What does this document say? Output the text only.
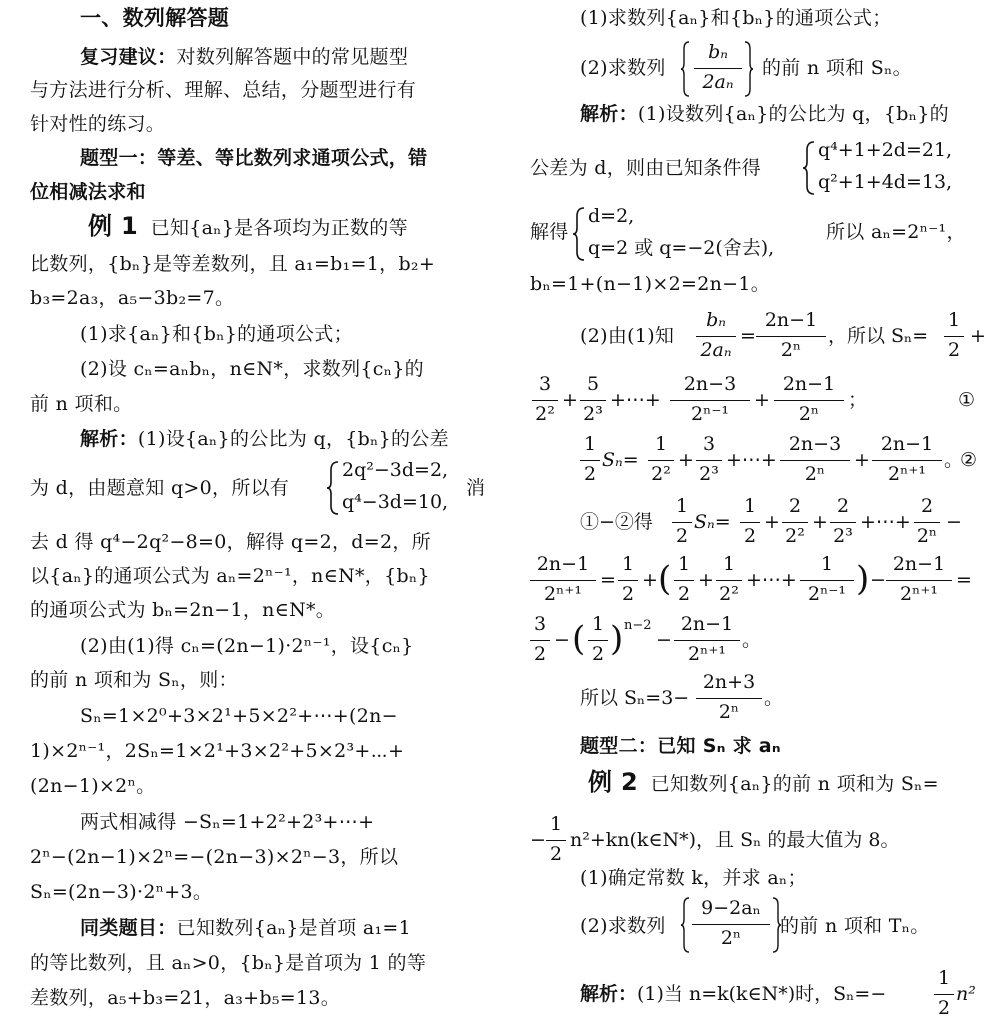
一、数列解答题
复习建议：对数列解答题中的常见题型
与方法进行分析、理解、总结，分题型进行有
针对性的练习。
题型一：等差、等比数列求通项公式，错
位相减法求和
例 1 已知{aₙ}是各项均为正数的等
比数列，{bₙ}是等差数列，且 a₁=b₁=1，b₂+
b₃=2a₃，a₅−3b₂=7。
(1)求{aₙ}和{bₙ}的通项公式；
(2)设 cₙ=aₙbₙ，n∈N*，求数列{cₙ}的
前 n 项和。
解析：(1)设{aₙ}的公比为 q，{bₙ}的公差
为 d，由题意知 q>0，所以有
2q²−3d=2,
q⁴−3d=10,
消
去 d 得 q⁴−2q²−8=0，解得 q=2，d=2，所
以{aₙ}的通项公式为 aₙ=2ⁿ⁻¹，n∈N*，{bₙ}
的通项公式为 bₙ=2n−1，n∈N*。
(2)由(1)得 cₙ=(2n−1)·2ⁿ⁻¹，设{cₙ}
的前 n 项和为 Sₙ，则：
Sₙ=1×2⁰+3×2¹+5×2²+⋯+(2n−
1)×2ⁿ⁻¹，2Sₙ=1×2¹+3×2²+5×2³+⋯+
(2n−1)×2ⁿ。
两式相减得 −Sₙ=1+2²+2³+⋯+
2ⁿ−(2n−1)×2ⁿ=−(2n−3)×2ⁿ−3，所以
Sₙ=(2n−3)·2ⁿ+3。
同类题目：已知数列{aₙ}是首项 a₁=1
的等比数列，且 aₙ>0，{bₙ}是首项为 1 的等
差数列，a₅+b₃=21，a₃+b₅=13。
(1)求数列{aₙ}和{bₙ}的通项公式；
(2)求数列
bₙ
2aₙ
的前 n 项和 Sₙ。
解析：(1)设数列{aₙ}的公比为 q，{bₙ}的
公差为 d，则由已知条件得
q⁴+1+2d=21,
q²+1+4d=13,
解得
d=2,
q=2 或 q=−2(舍去),
所以 aₙ=2ⁿ⁻¹，
bₙ=1+(n−1)×2=2n−1。
(2)由(1)知
bₙ
2aₙ
=
2n−1
2ⁿ
，所以 Sₙ=
1
2
+
3
2²
+
5
2³
+⋯+
2n−3
2ⁿ⁻¹
+
2n−1
2ⁿ
；	①
1
2
Sₙ=
1
2²
+
3
2³
+⋯+
2n−3
2ⁿ
+
2n−1
2ⁿ⁺¹
。
②
①−②得
1
2
Sₙ=
1
2
+
2
2²
+
2
2³
+⋯+
2
2ⁿ
−
2n−1
2ⁿ⁺¹
=
1
2
+ ( 1
2
+
1
2²
+⋯+
1
2ⁿ⁻¹ ) −
2n−1
2ⁿ⁺¹
=
3
2
− ( 1
2 ) n−2
−
2n−1
2ⁿ⁺¹
。
所以 Sₙ=3−
2n+3
2ⁿ
。
题型二：已知 Sₙ 求 aₙ
例 2 已知数列{aₙ}的前 n 项和为 Sₙ=
−
1
2
n²+kn(k∈N*)，且 Sₙ 的最大值为 8。
(1)确定常数 k，并求 aₙ；
(2)求数列
9−2aₙ
2ⁿ
的前 n 项和 Tₙ。
解析：(1)当 n=k(k∈N*)时，Sₙ=−
1
2
n²
